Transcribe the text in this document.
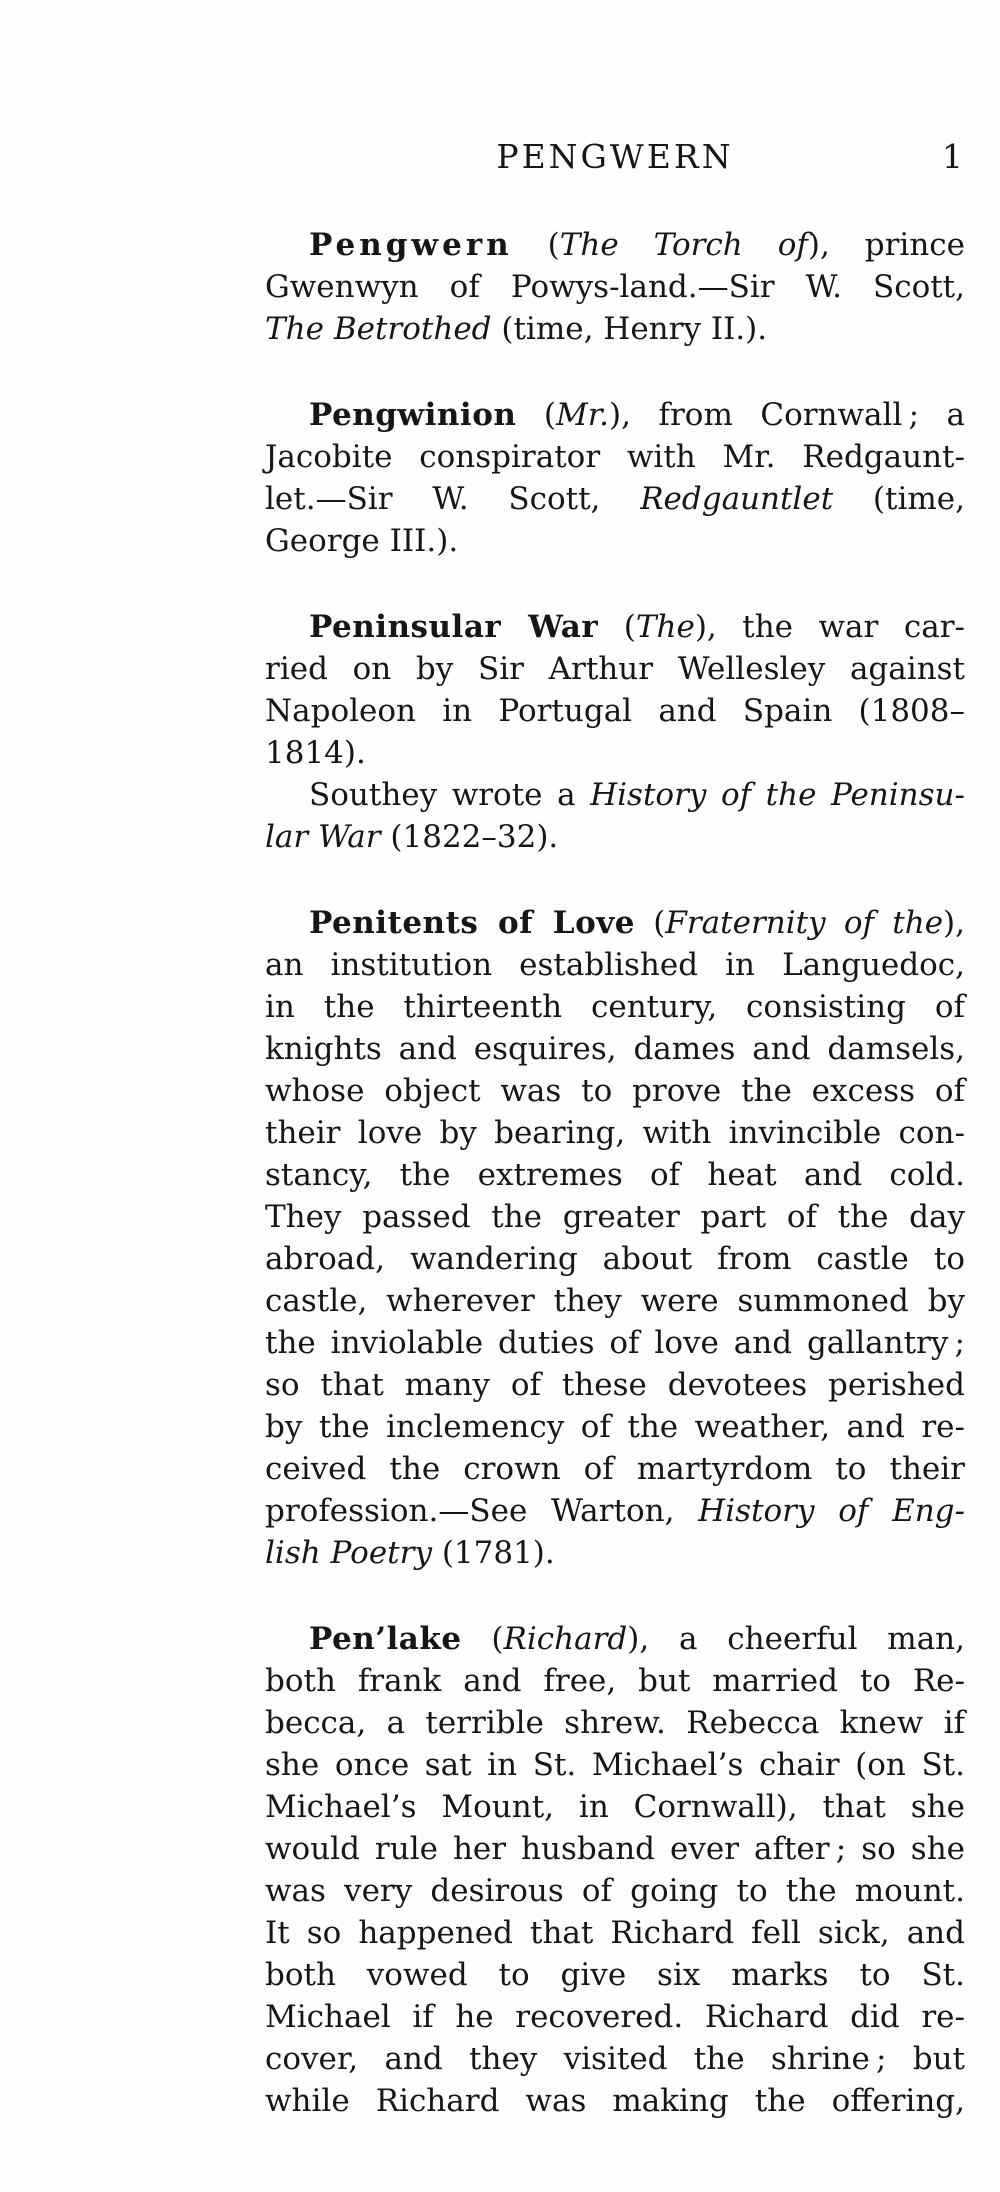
PENGWERN	1
Pengwern (The Torch of), prince
Gwenwyn of Powys-land.—Sir W. Scott,
The Betrothed (time, Henry II.).
Pengwinion (Mr.), from Cornwall ; a
Jacobite conspirator with Mr. Redgaunt-
let.—Sir W. Scott, Redgauntlet (time,
George III.).
Peninsular War (The), the war car-
ried on by Sir Arthur Wellesley against
Napoleon in Portugal and Spain (1808–
1814).
Southey wrote a History of the Peninsu-
lar War (1822–32).
Penitents of Love (Fraternity of the),
an institution established in Languedoc,
in the thirteenth century, consisting of
knights and esquires, dames and damsels,
whose object was to prove the excess of
their love by bearing, with invincible con-
stancy, the extremes of heat and cold.
They passed the greater part of the day
abroad, wandering about from castle to
castle, wherever they were summoned by
the inviolable duties of love and gallantry ;
so that many of these devotees perished
by the inclemency of the weather, and re-
ceived the crown of martyrdom to their
profession.—See Warton, History of Eng-
lish Poetry (1781).
Pen’lake (Richard), a cheerful man,
both frank and free, but married to Re-
becca, a terrible shrew. Rebecca knew if
she once sat in St. Michael’s chair (on St.
Michael’s Mount, in Cornwall), that she
would rule her husband ever after ; so she
was very desirous of going to the mount.
It so happened that Richard fell sick, and
both vowed to give six marks to St.
Michael if he recovered. Richard did re-
cover, and they visited the shrine ; but
while Richard was making the offering,
